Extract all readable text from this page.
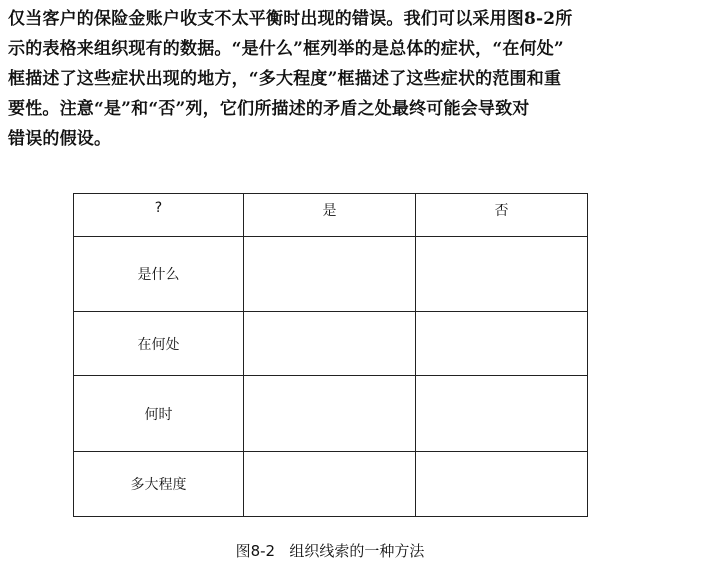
仅当客户的保险金账户收支不太平衡时出现的错误。我们可以采用图8-2所
示的表格来组织现有的数据。“是什么”框列举的是总体的症状，“在何处”
框描述了这些症状出现的地方，“多大程度”框描述了这些症状的范围和重
要性。注意“是”和“否”列，它们所描述的矛盾之处最终可能会导致对
错误的假设。
?	是	否
是什么		
在何处		
何时		
多大程度		
图8-2 组织线索的一种方法
